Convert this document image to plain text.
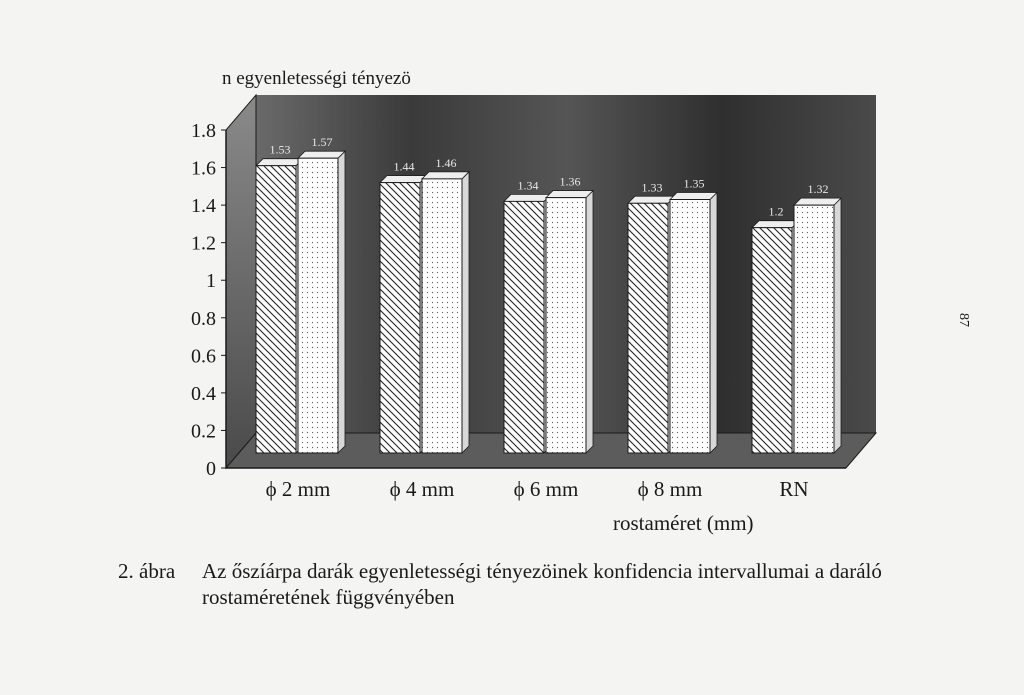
0
0.2
0.4
0.6
0.8
1
1.2
1.4
1.6
1.8
1.53
1.57
ϕ 2 mm
1.44 1.46
ϕ 4 mm
1.34 1.36
ϕ 6 mm
1.33 1.35
ϕ 8 mm
1.2
1.32
RN
n egyenletességi tényezö
rostaméret (mm)
2. ábra Az őszíárpa darák egyenletességi tényezöinek konfidencia intervallumai a daráló rostaméretének függvényében
87
